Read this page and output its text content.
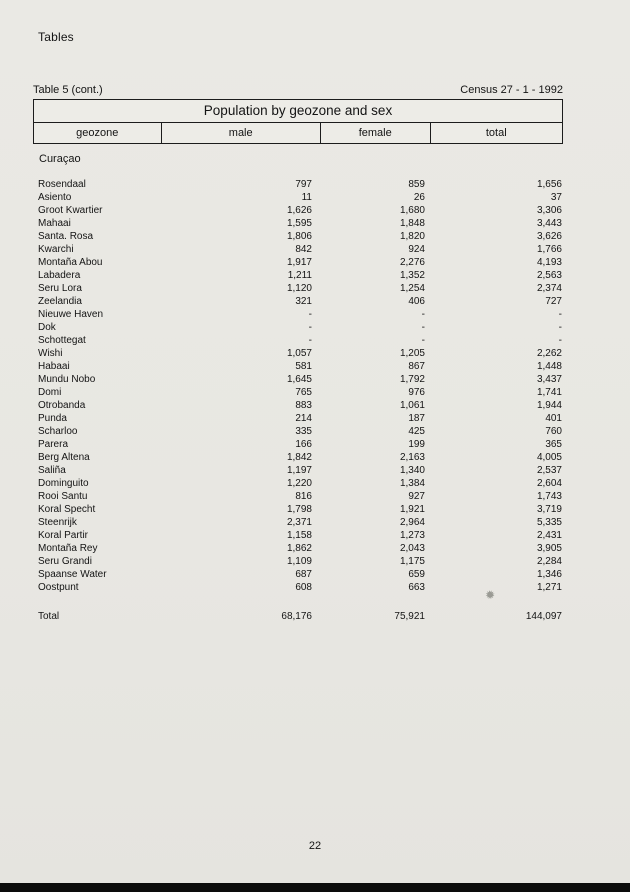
Tables
Table 5 (cont.)	Census 27 - 1 - 1992
Population by geozone and sex
geozone	male	female	total
Curaçao
Rosendaal	797	859	1,656
Asiento	11	26	37
Groot Kwartier	1,626	1,680	3,306
Mahaai	1,595	1,848	3,443
Santa. Rosa	1,806	1,820	3,626
Kwarchi	842	924	1,766
Montaña Abou	1,917	2,276	4,193
Labadera	1,211	1,352	2,563
Seru Lora	1,120	1,254	2,374
Zeelandia	321	406	727
Nieuwe Haven	-	-	-
Dok	-	-	-
Schottegat	-	-	-
Wishi	1,057	1,205	2,262
Habaai	581	867	1,448
Mundu Nobo	1,645	1,792	3,437
Domi	765	976	1,741
Otrobanda	883	1,061	1,944
Punda	214	187	401
Scharloo	335	425	760
Parera	166	199	365
Berg Altena	1,842	2,163	4,005
Saliña	1,197	1,340	2,537
Dominguito	1,220	1,384	2,604
Rooi Santu	816	927	1,743
Koral Specht	1,798	1,921	3,719
Steenrijk	2,371	2,964	5,335
Koral Partir	1,158	1,273	2,431
Montaña Rey	1,862	2,043	3,905
Seru Grandi	1,109	1,175	2,284
Spaanse Water	687	659	1,346
Oostpunt	608	663	1,271
Total	68,176	75,921	144,097
✹
22
